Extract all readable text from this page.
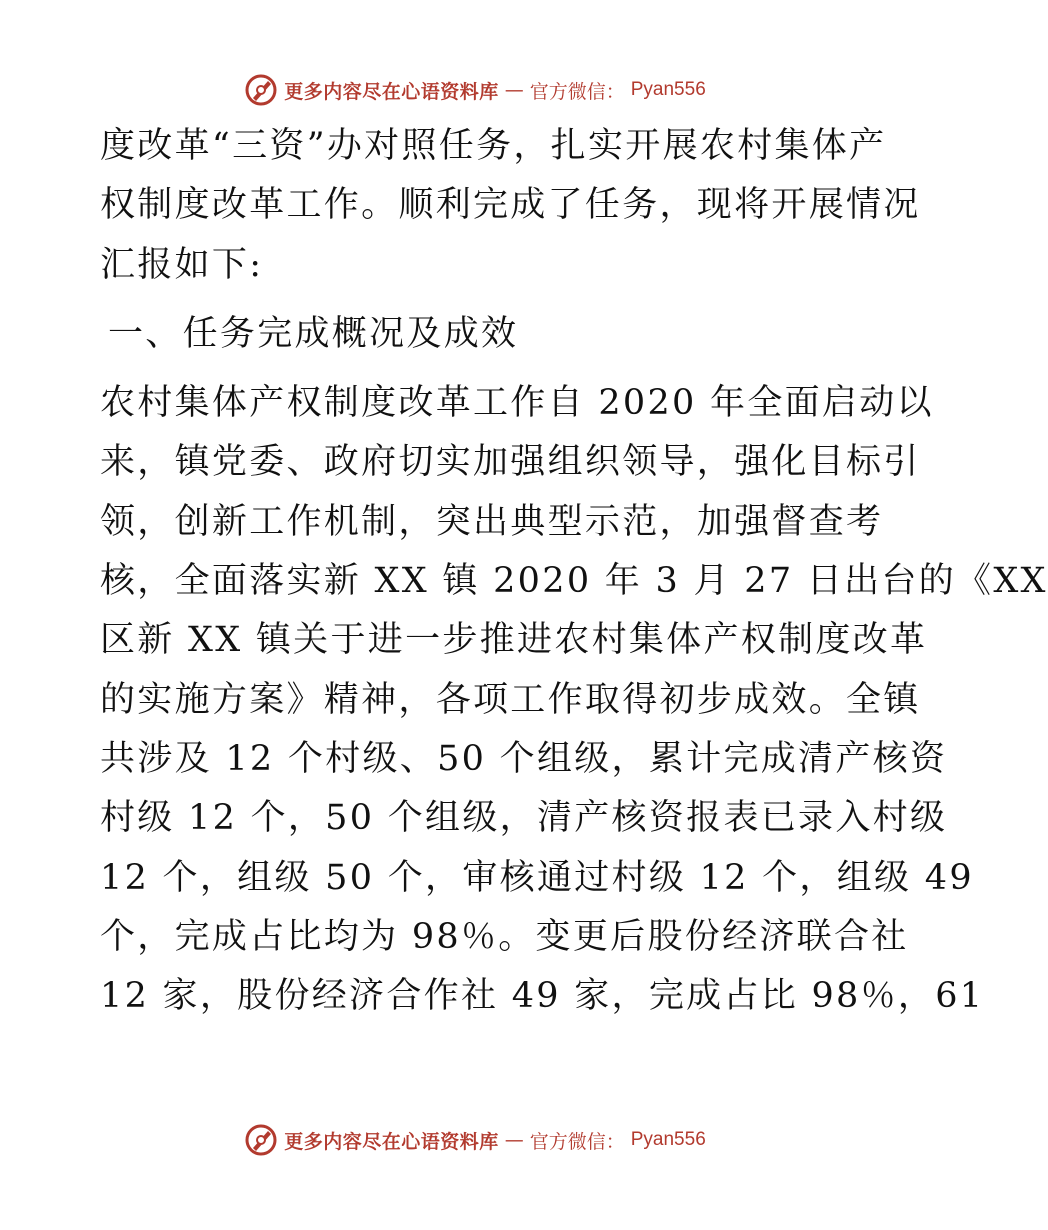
更多内容尽在心语资料库 — 官方微信： Pyan556
度改革“三资”办对照任务，扎实开展农村集体产
权制度改革工作。顺利完成了任务，现将开展情况
汇报如下:
一、任务完成概况及成效
农村集体产权制度改革工作自 2020 年全面启动以
来，镇党委、政府切实加强组织领导，强化目标引
领，创新工作机制，突出典型示范，加强督查考
核，全面落实新 XX 镇 2020 年 3 月 27 日出台的《XX
区新 XX 镇关于进一步推进农村集体产权制度改革
的实施方案》精神，各项工作取得初步成效。全镇
共涉及 12 个村级、50 个组级，累计完成清产核资
村级 12 个，50 个组级，清产核资报表已录入村级
12 个，组级 50 个，审核通过村级 12 个，组级 49
个，完成占比均为 98％。变更后股份经济联合社
12 家，股份经济合作社 49 家，完成占比 98％，61
更多内容尽在心语资料库 — 官方微信： Pyan556
